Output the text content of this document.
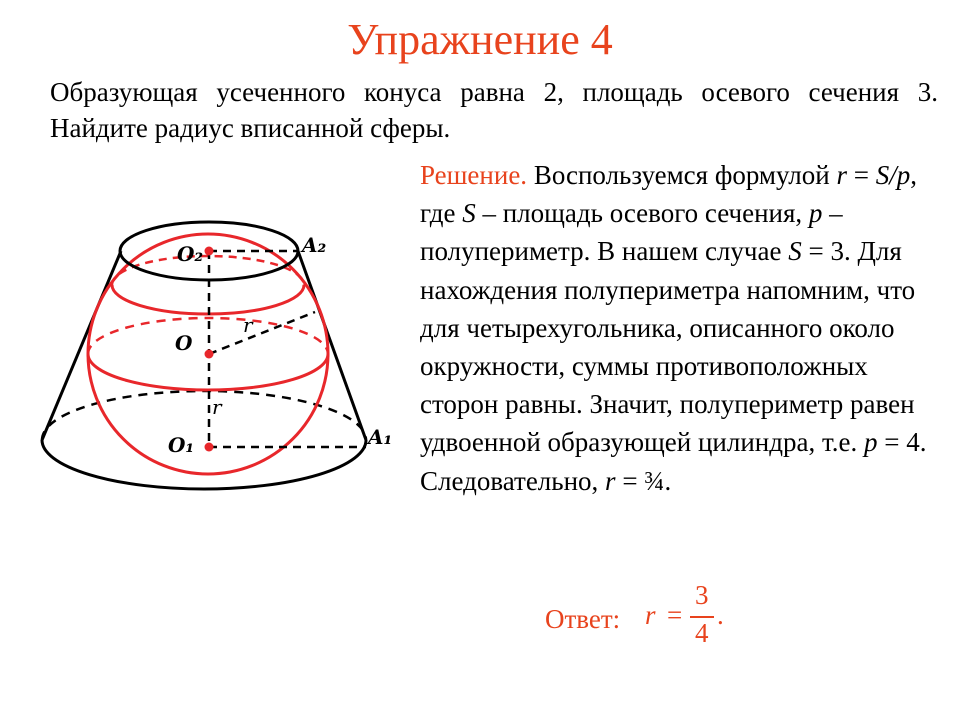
Упражнение 4
Образующая усеченного конуса равна 2, площадь осевого сечения 3. Найдите радиус вписанной сферы.
Решение. Воспользуемся формулой r = S/p, где S – площадь осевого сечения, p – полупериметр. В нашем случае S = 3. Для нахождения полупериметра напомним, что для четырехугольника, описанного около окружности, суммы противоположных сторон равны. Значит, полупериметр равен удвоенной образующей цилиндра, т.е. p = 4. Следовательно, r = ¾.
O₂	A₂
O
r
r
O₁	A₁
Ответ: r =
3
4
.
